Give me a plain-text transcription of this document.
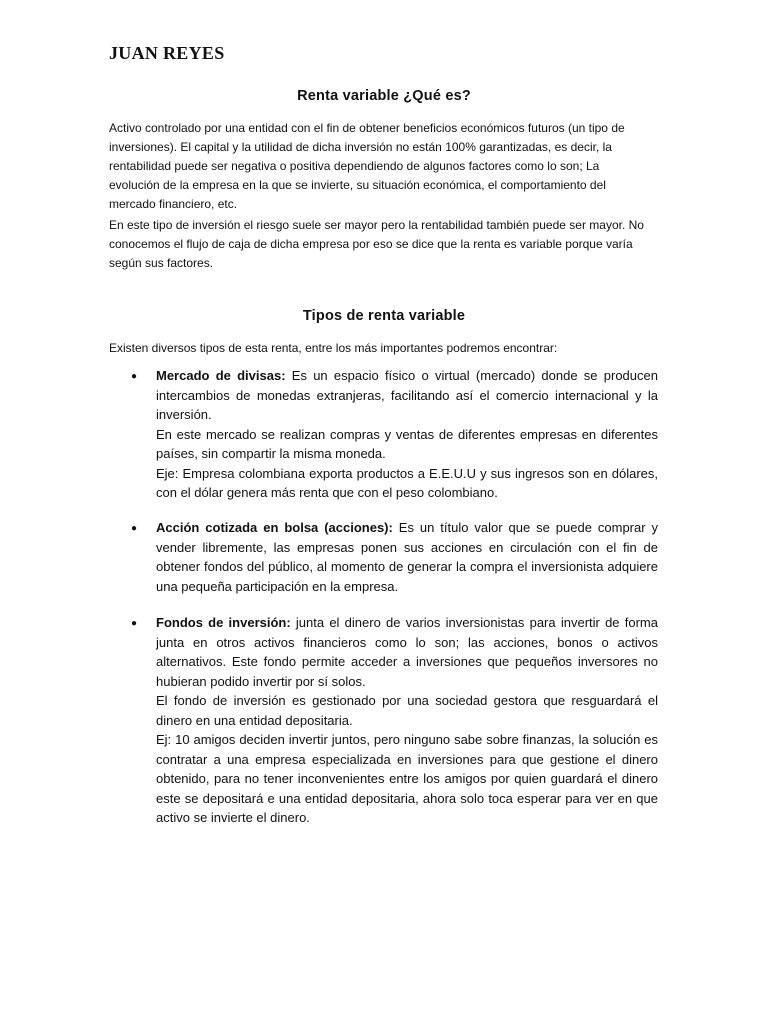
JUAN REYES
Renta variable ¿Qué es?

Activo controlado por una entidad con el fin de obtener beneficios económicos futuros (un tipo de inversiones). El capital y la utilidad de dicha inversión no están 100% garantizadas, es decir, la rentabilidad puede ser negativa o positiva dependiendo de algunos factores como lo son; La evolución de la empresa en la que se invierte, su situación económica, el comportamiento del mercado financiero, etc.

En este tipo de inversión el riesgo suele ser mayor pero la rentabilidad también puede ser mayor. No conocemos el flujo de caja de dicha empresa por eso se dice que la renta es variable porque varía según sus factores.

Tipos de renta variable

Existen diversos tipos de esta renta, entre los más importantes podremos encontrar:

● Mercado de divisas: Es un espacio físico o virtual (mercado) donde se producen intercambios de monedas extranjeras, facilitando así el comercio internacional y la inversión.

En este mercado se realizan compras y ventas de diferentes empresas en diferentes países, sin compartir la misma moneda.

Eje: Empresa colombiana exporta productos a E.E.U.U y sus ingresos son en dólares, con el dólar genera más renta que con el peso colombiano.

● Acción cotizada en bolsa (acciones): Es un título valor que se puede comprar y vender libremente, las empresas ponen sus acciones en circulación con el fin de obtener fondos del público, al momento de generar la compra el inversionista adquiere una pequeña participación en la empresa.

● Fondos de inversión: junta el dinero de varios inversionistas para invertir de forma junta en otros activos financieros como lo son; las acciones, bonos o activos alternativos. Este fondo permite acceder a inversiones que pequeños inversores no hubieran podido invertir por sí solos.

El fondo de inversión es gestionado por una sociedad gestora que resguardará el dinero en una entidad depositaria.

Ej: 10 amigos deciden invertir juntos, pero ninguno sabe sobre finanzas, la solución es contratar a una empresa especializada en inversiones para que gestione el dinero obtenido, para no tener inconvenientes entre los amigos por quien guardará el dinero este se depositará e una entidad depositaria, ahora solo toca esperar para ver en que activo se invierte el dinero.
